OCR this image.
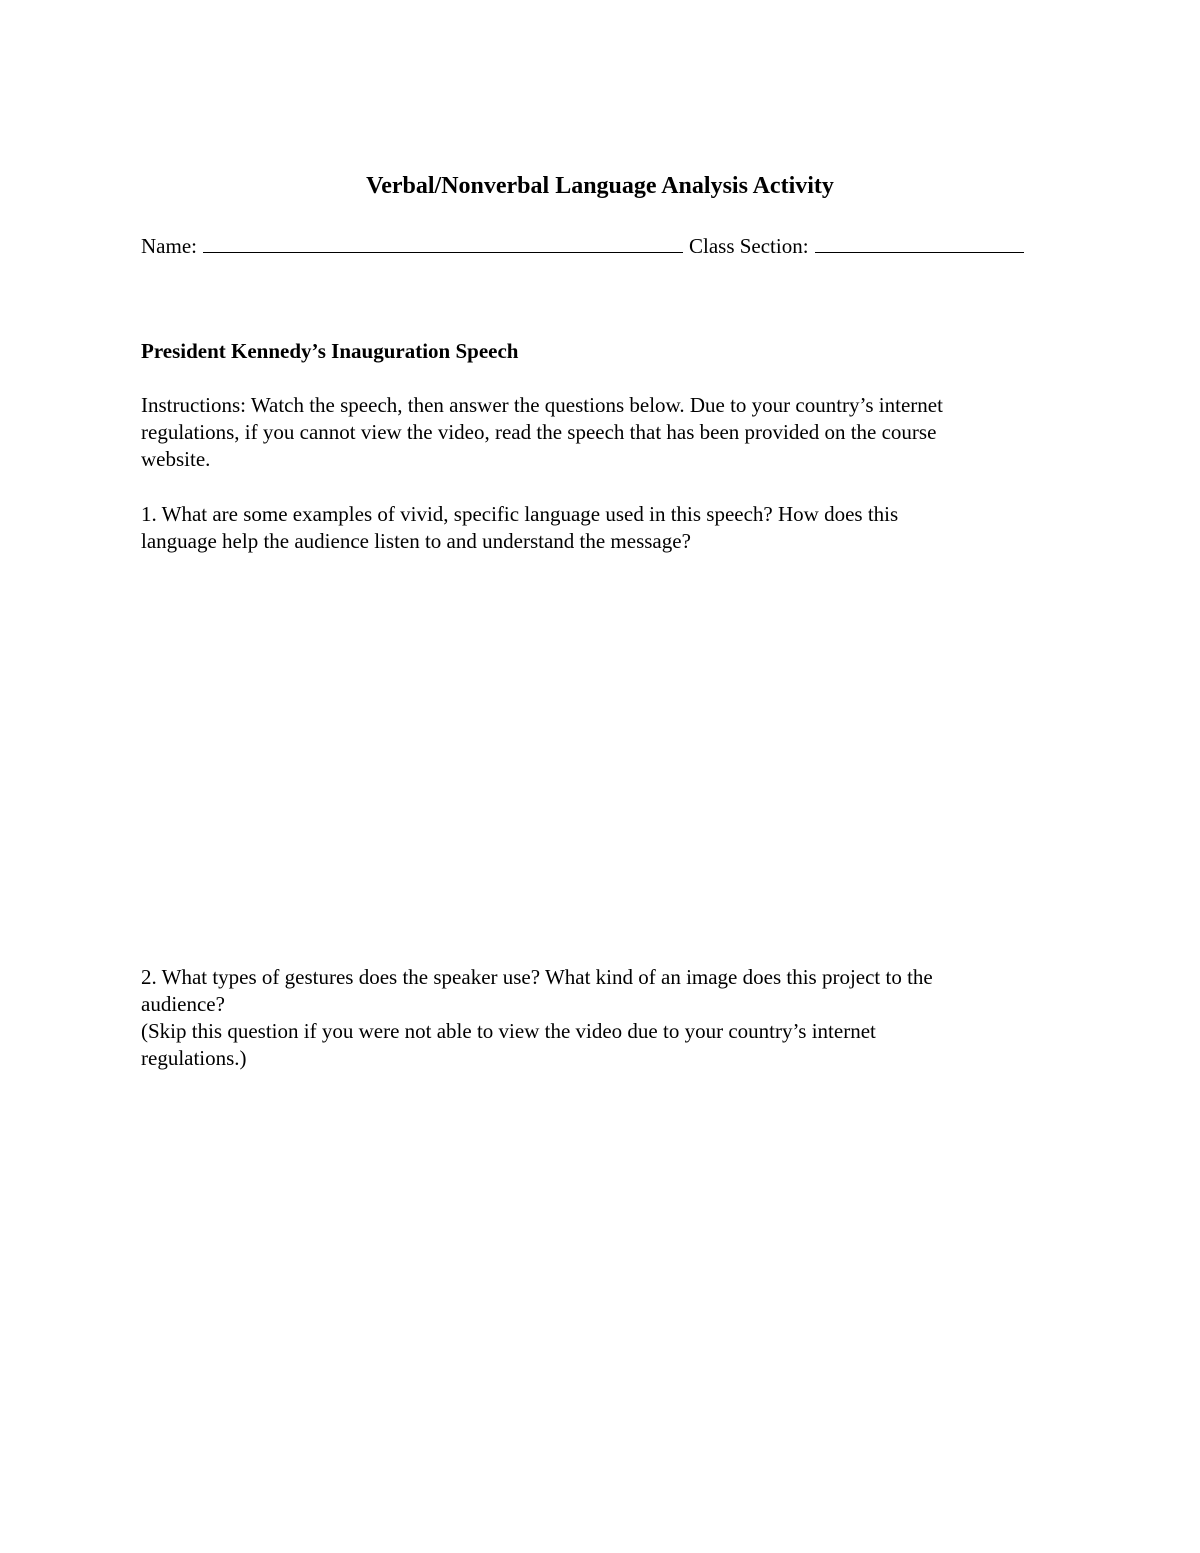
Verbal/Nonverbal Language Analysis Activity
Name:	Class Section:
President Kennedy’s Inauguration Speech
Instructions: Watch the speech, then answer the questions below. Due to your country’s internet
regulations, if you cannot view the video, read the speech that has been provided on the course
website.
1. What are some examples of vivid, specific language used in this speech? How does this
language help the audience listen to and understand the message?
2. What types of gestures does the speaker use? What kind of an image does this project to the
audience?
(Skip this question if you were not able to view the video due to your country’s internet
regulations.)
